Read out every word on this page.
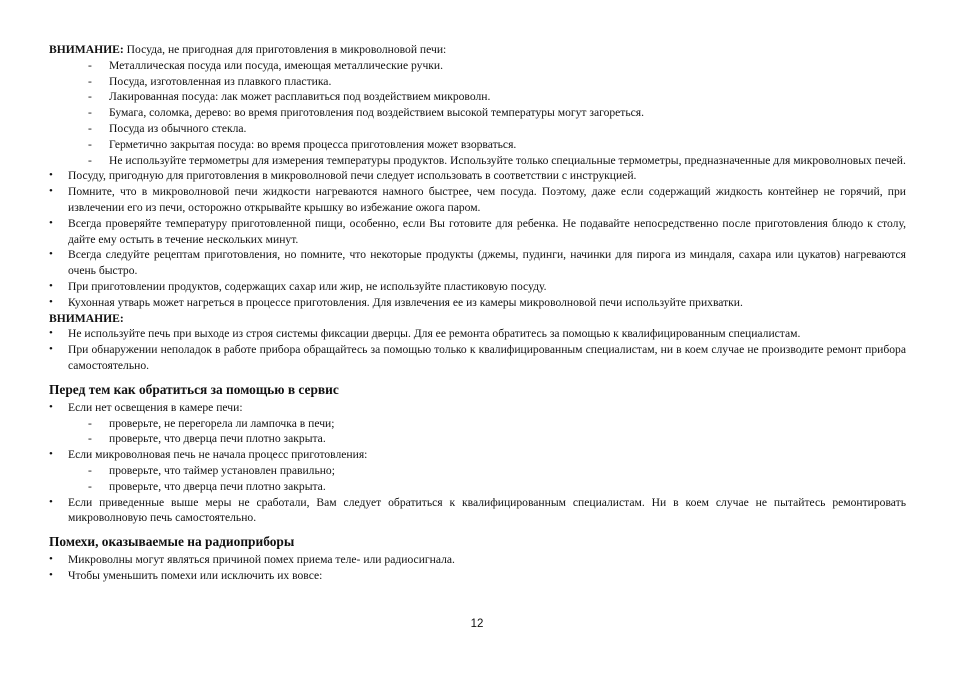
ВНИМАНИЕ: Посуда, не пригодная для приготовления в микроволновой печи:

- Металлическая посуда или посуда, имеющая металлические ручки.
- Посуда, изготовленная из плавкого пластика.
- Лакированная посуда: лак может расплавиться под воздействием микроволн.
- Бумага, соломка, дерево: во время приготовления под воздействием высокой температуры могут загореться.
- Посуда из обычного стекла.
- Герметично закрытая посуда: во время процесса приготовления может взорваться.
- Не используйте термометры для измерения температуры продуктов. Используйте только специальные термометры, предназначенные для микроволновых печей.
• Посуду, пригодную для приготовления в микроволновой печи следует использовать в соответствии с инструкцией.
• Помните, что в микроволновой печи жидкости нагреваются намного быстрее, чем посуда. Поэтому, даже если содержащий жидкость контейнер не горячий, при извлечении его из печи, осторожно открывайте крышку во избежание ожога паром.
• Всегда проверяйте температуру приготовленной пищи, особенно, если Вы готовите для ребенка. Не подавайте непосредственно после приготовления блюдо к столу, дайте ему остыть в течение нескольких минут.
• Всегда следуйте рецептам приготовления, но помните, что некоторые продукты (джемы, пудинги, начинки для пирога из миндаля, сахара или цукатов) нагреваются очень быстро.
• При приготовлении продуктов, содержащих сахар или жир, не используйте пластиковую посуду.
• Кухонная утварь может нагреться в процессе приготовления. Для извлечения ее из камеры микроволновой печи используйте прихватки.

ВНИМАНИЕ:

• Не используйте печь при выходе из строя системы фиксации дверцы. Для ее ремонта обратитесь за помощью к квалифицированным специалистам.
• При обнаружении неполадок в работе прибора обращайтесь за помощью только к квалифицированным специалистам, ни в коем случае не производите ремонт прибора самостоятельно.
Перед тем как обратиться за помощью в сервис
• Если нет освещения в камере печи:
- проверьте, не перегорела ли лампочка в печи;
- проверьте, что дверца печи плотно закрыта.
• Если микроволновая печь не начала процесс приготовления:
- проверьте, что таймер установлен правильно;
- проверьте, что дверца печи плотно закрыта.
• Если приведенные выше меры не сработали, Вам следует обратиться к квалифицированным специалистам. Ни в коем случае не пытайтесь ремонтировать микроволновую печь самостоятельно.
Помехи, оказываемые на радиоприборы
• Микроволны могут являться причиной помех приема теле- или радиосигнала.
• Чтобы уменьшить помехи или исключить их вовсе:
12
